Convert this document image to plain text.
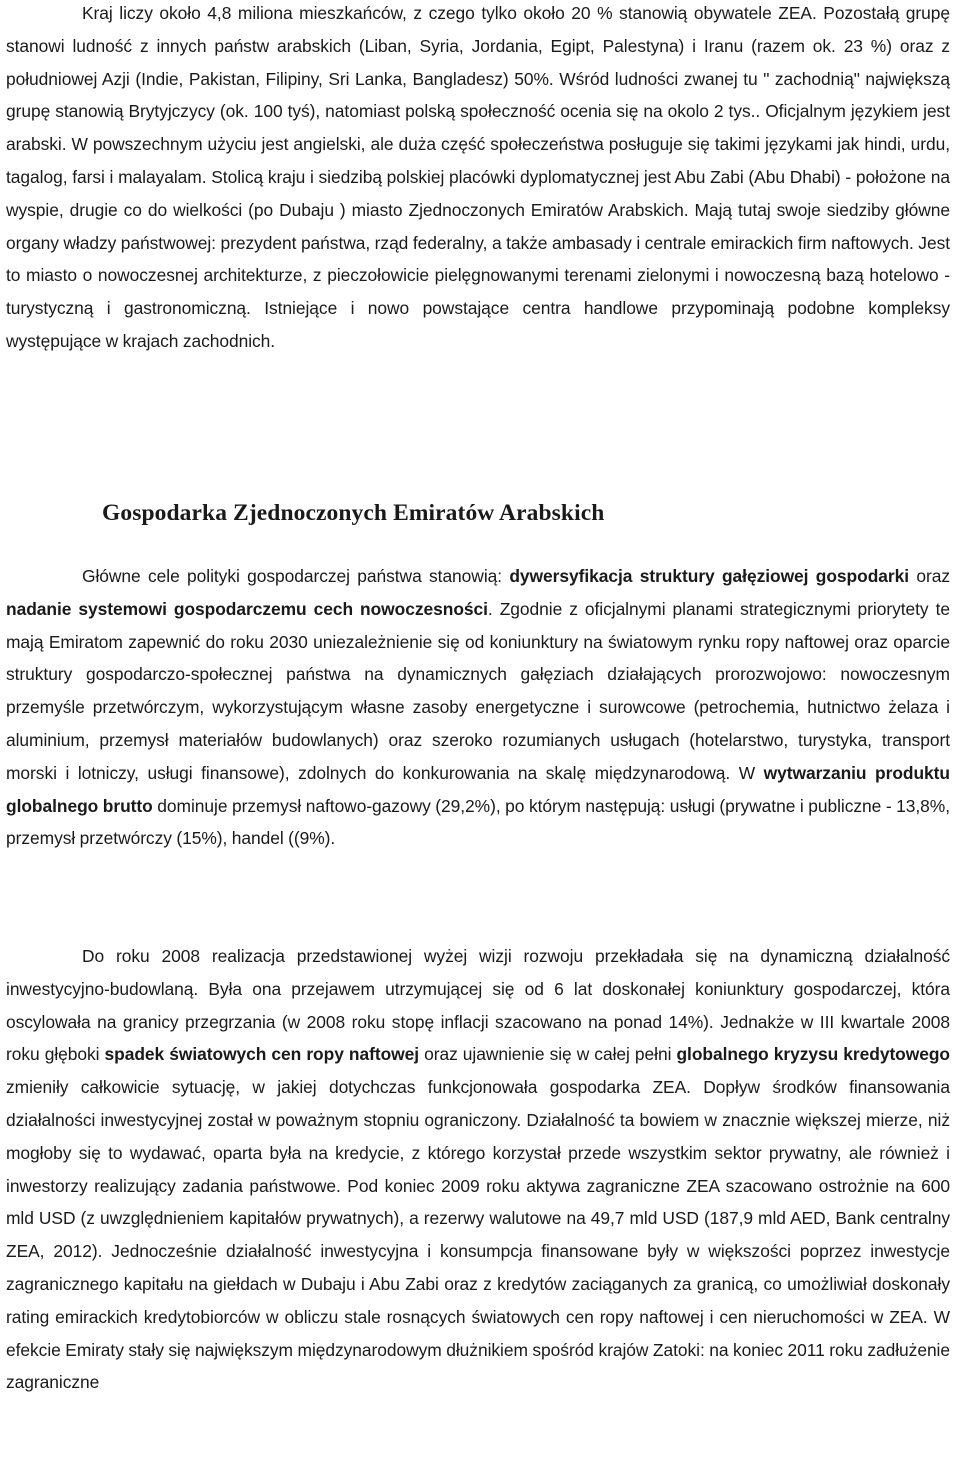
Kraj liczy około 4,8 miliona mieszkańców, z czego tylko około 20 % stanowią obywatele ZEA. Pozostałą grupę stanowi ludność z innych państw arabskich (Liban, Syria, Jordania, Egipt, Palestyna) i Iranu (razem ok. 23 %) oraz z południowej Azji (Indie, Pakistan, Filipiny, Sri Lanka, Bangladesz) 50%. Wśród ludności zwanej tu " zachodnią" największą grupę stanowią Brytyjczycy (ok. 100 tyś), natomiast polską społeczność ocenia się na okolo 2 tys.. Oficjalnym językiem jest arabski. W powszechnym użyciu jest angielski, ale duża część społeczeństwa posługuje się takimi językami jak hindi, urdu, tagalog, farsi i malayalam. Stolicą kraju i siedzibą polskiej placówki dyplomatycznej jest Abu Zabi (Abu Dhabi) - położone na wyspie, drugie co do wielkości (po Dubaju ) miasto Zjednoczonych Emiratów Arabskich. Mają tutaj swoje siedziby główne organy władzy państwowej: prezydent państwa, rząd federalny, a także ambasady i centrale emirackich firm naftowych. Jest to miasto o nowoczesnej architekturze, z pieczołowicie pielęgnowanymi terenami zielonymi i nowoczesną bazą hotelowo - turystyczną i gastronomiczną. Istniejące i nowo powstające centra handlowe przypominają podobne kompleksy występujące w krajach zachodnich.

Gospodarka Zjednoczonych Emiratów Arabskich

Główne cele polityki gospodarczej państwa stanowią: dywersyfikacja struktury gałęziowej gospodarki oraz nadanie systemowi gospodarczemu cech nowoczesności. Zgodnie z oficjalnymi planami strategicznymi priorytety te mają Emiratom zapewnić do roku 2030 uniezależnienie się od koniunktury na światowym rynku ropy naftowej oraz oparcie struktury gospodarczo-społecznej państwa na dynamicznych gałęziach działających prorozwojowo: nowoczesnym przemyśle przetwórczym, wykorzystującym własne zasoby energetyczne i surowcowe (petrochemia, hutnictwo żelaza i aluminium, przemysł materiałów budowlanych) oraz szeroko rozumianych usługach (hotelarstwo, turystyka, transport morski i lotniczy, usługi finansowe), zdolnych do konkurowania na skalę międzynarodową. W wytwarzaniu produktu globalnego brutto dominuje przemysł naftowo-gazowy (29,2%), po którym następują: usługi (prywatne i publiczne - 13,8%, przemysł przetwórczy (15%), handel ((9%).

Do roku 2008 realizacja przedstawionej wyżej wizji rozwoju przekładała się na dynamiczną działalność inwestycyjno-budowlaną. Była ona przejawem utrzymującej się od 6 lat doskonałej koniunktury gospodarczej, która oscylowała na granicy przegrzania (w 2008 roku stopę inflacji szacowano na ponad 14%). Jednakże w III kwartale 2008 roku głęboki spadek światowych cen ropy naftowej oraz ujawnienie się w całej pełni globalnego kryzysu kredytowego zmieniły całkowicie sytuację, w jakiej dotychczas funkcjonowała gospodarka ZEA. Dopływ środków finansowania działalności inwestycyjnej został w poważnym stopniu ograniczony. Działalność ta bowiem w znacznie większej mierze, niż mogłoby się to wydawać, oparta była na kredycie, z którego korzystał przede wszystkim sektor prywatny, ale również i inwestorzy realizujący zadania państwowe. Pod koniec 2009 roku aktywa zagraniczne ZEA szacowano ostrożnie na 600 mld USD (z uwzględnieniem kapitałów prywatnych), a rezerwy walutowe na 49,7 mld USD (187,9 mld AED, Bank centralny ZEA, 2012). Jednocześnie działalność inwestycyjna i konsumpcja finansowane były w większości poprzez inwestycje zagranicznego kapitału na giełdach w Dubaju i Abu Zabi oraz z kredytów zaciąganych za granicą, co umożliwiał doskonały rating emirackich kredytobiorców w obliczu stale rosnących światowych cen ropy naftowej i cen nieruchomości w ZEA. W efekcie Emiraty stały się największym międzynarodowym dłużnikiem spośród krajów Zatoki: na koniec 2011 roku zadłużenie zagraniczne
